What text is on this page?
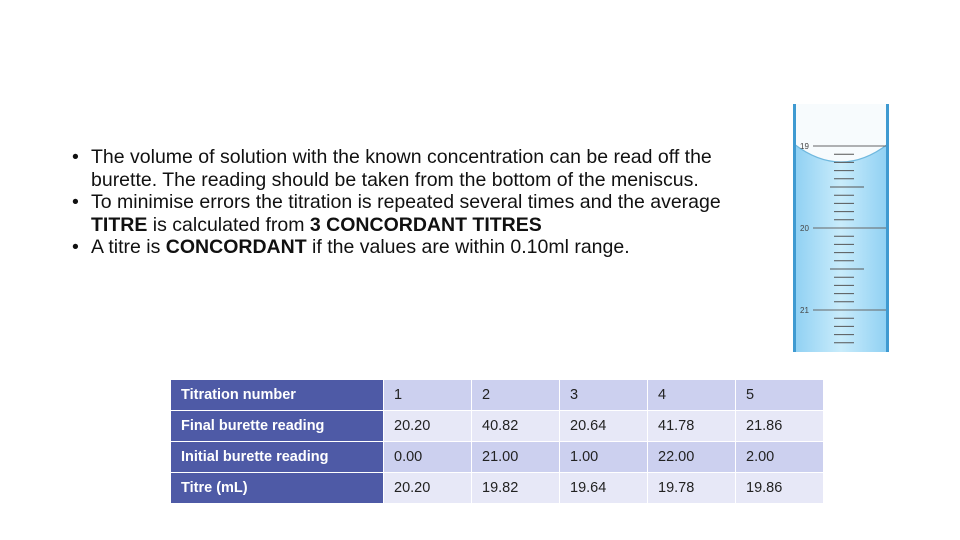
• The volume of solution with the known concentration can be read off the burette. The reading should be taken from the bottom of the meniscus.
• To minimise errors the titration is repeated several times and the average TITRE is calculated from 3 CONCORDANT TITRES
• A titre is CONCORDANT if the values are within 0.10ml range.
19
20
21
Titration number	1	2	3	4	5
Final burette reading	20.20	40.82	20.64	41.78	21.86
Initial burette reading	0.00	21.00	1.00	22.00	2.00
Titre (mL)	20.20	19.82	19.64	19.78	19.86
